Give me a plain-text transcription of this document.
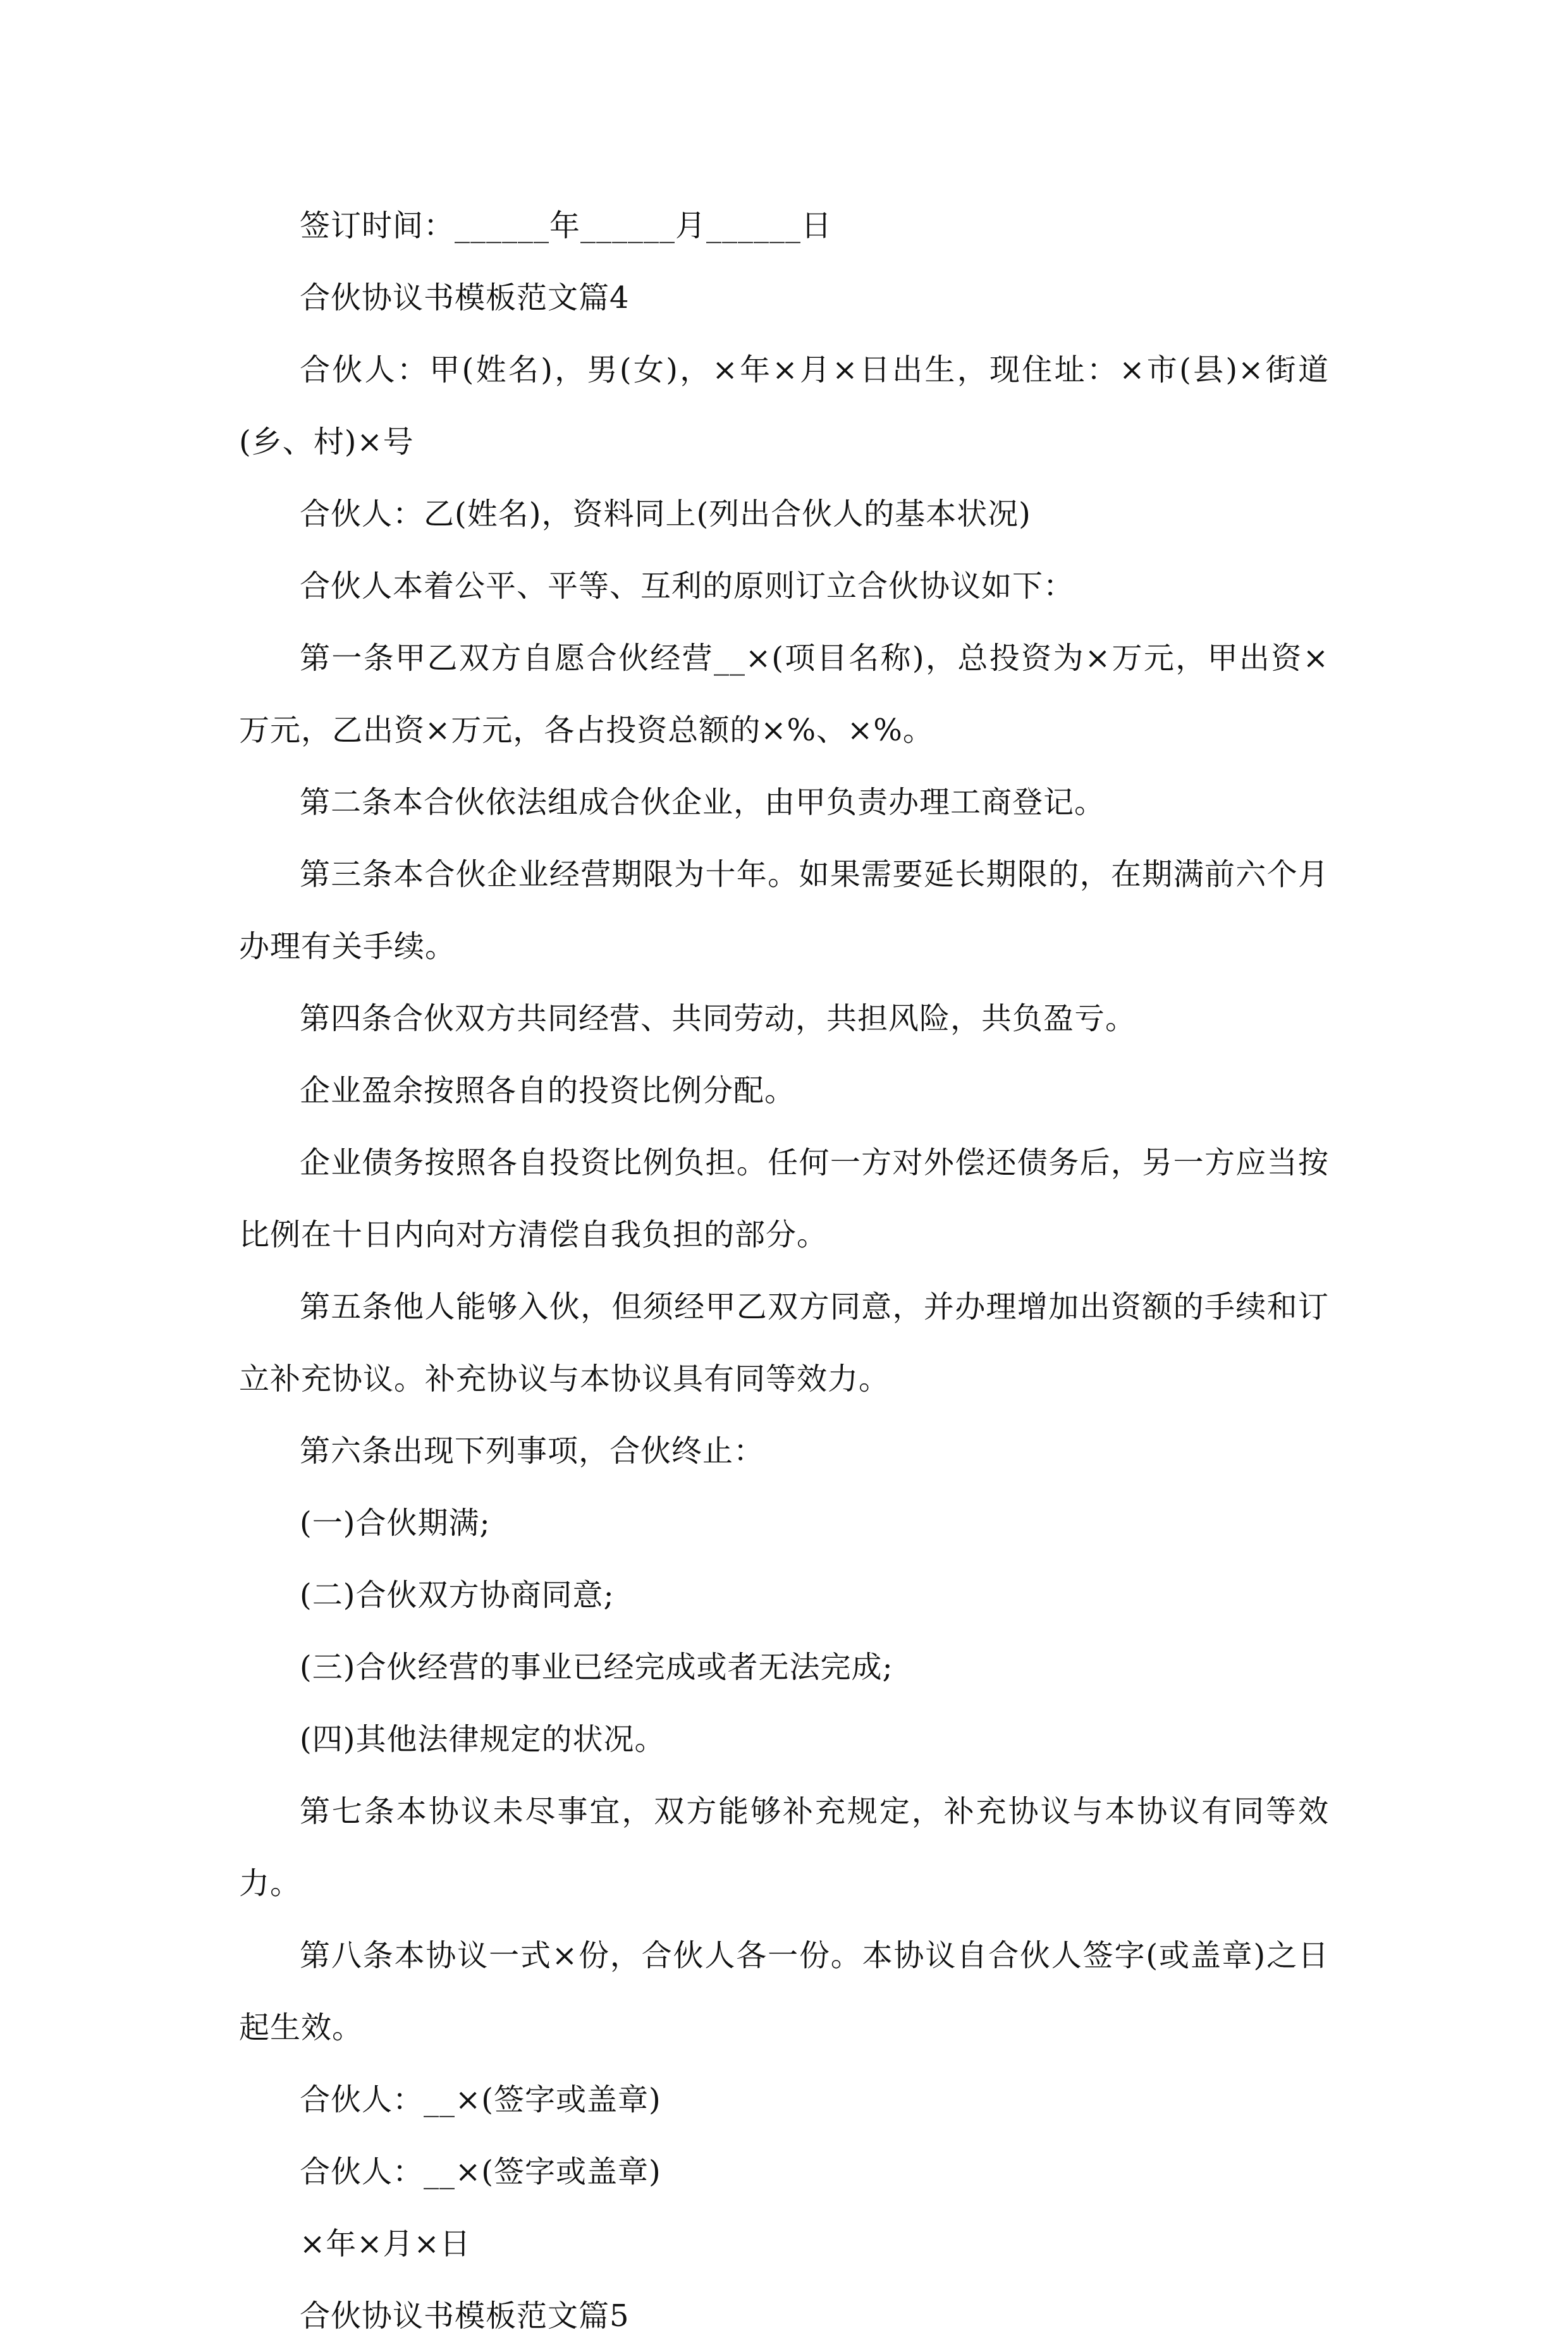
签订时间：______年______月______日

合伙协议书模板范文篇4

合伙人：甲(姓名)，男(女)，×年×月×日出生，现住址：×市(县)×街道(乡、村)×号

合伙人：乙(姓名)，资料同上(列出合伙人的基本状况)

合伙人本着公平、平等、互利的原则订立合伙协议如下：

第一条甲乙双方自愿合伙经营__×(项目名称)，总投资为×万元，甲出资×万元，乙出资×万元，各占投资总额的×%、×%。

第二条本合伙依法组成合伙企业，由甲负责办理工商登记。

第三条本合伙企业经营期限为十年。如果需要延长期限的，在期满前六个月办理有关手续。

第四条合伙双方共同经营、共同劳动，共担风险，共负盈亏。

企业盈余按照各自的投资比例分配。

企业债务按照各自投资比例负担。任何一方对外偿还债务后，另一方应当按比例在十日内向对方清偿自我负担的部分。

第五条他人能够入伙，但须经甲乙双方同意，并办理增加出资额的手续和订立补充协议。补充协议与本协议具有同等效力。

第六条出现下列事项，合伙终止：

(一)合伙期满;

(二)合伙双方协商同意;

(三)合伙经营的事业已经完成或者无法完成;

(四)其他法律规定的状况。

第七条本协议未尽事宜，双方能够补充规定，补充协议与本协议有同等效力。

第八条本协议一式×份，合伙人各一份。本协议自合伙人签字(或盖章)之日起生效。

合伙人：__×(签字或盖章)

合伙人：__×(签字或盖章)

×年×月×日

合伙协议书模板范文篇5
